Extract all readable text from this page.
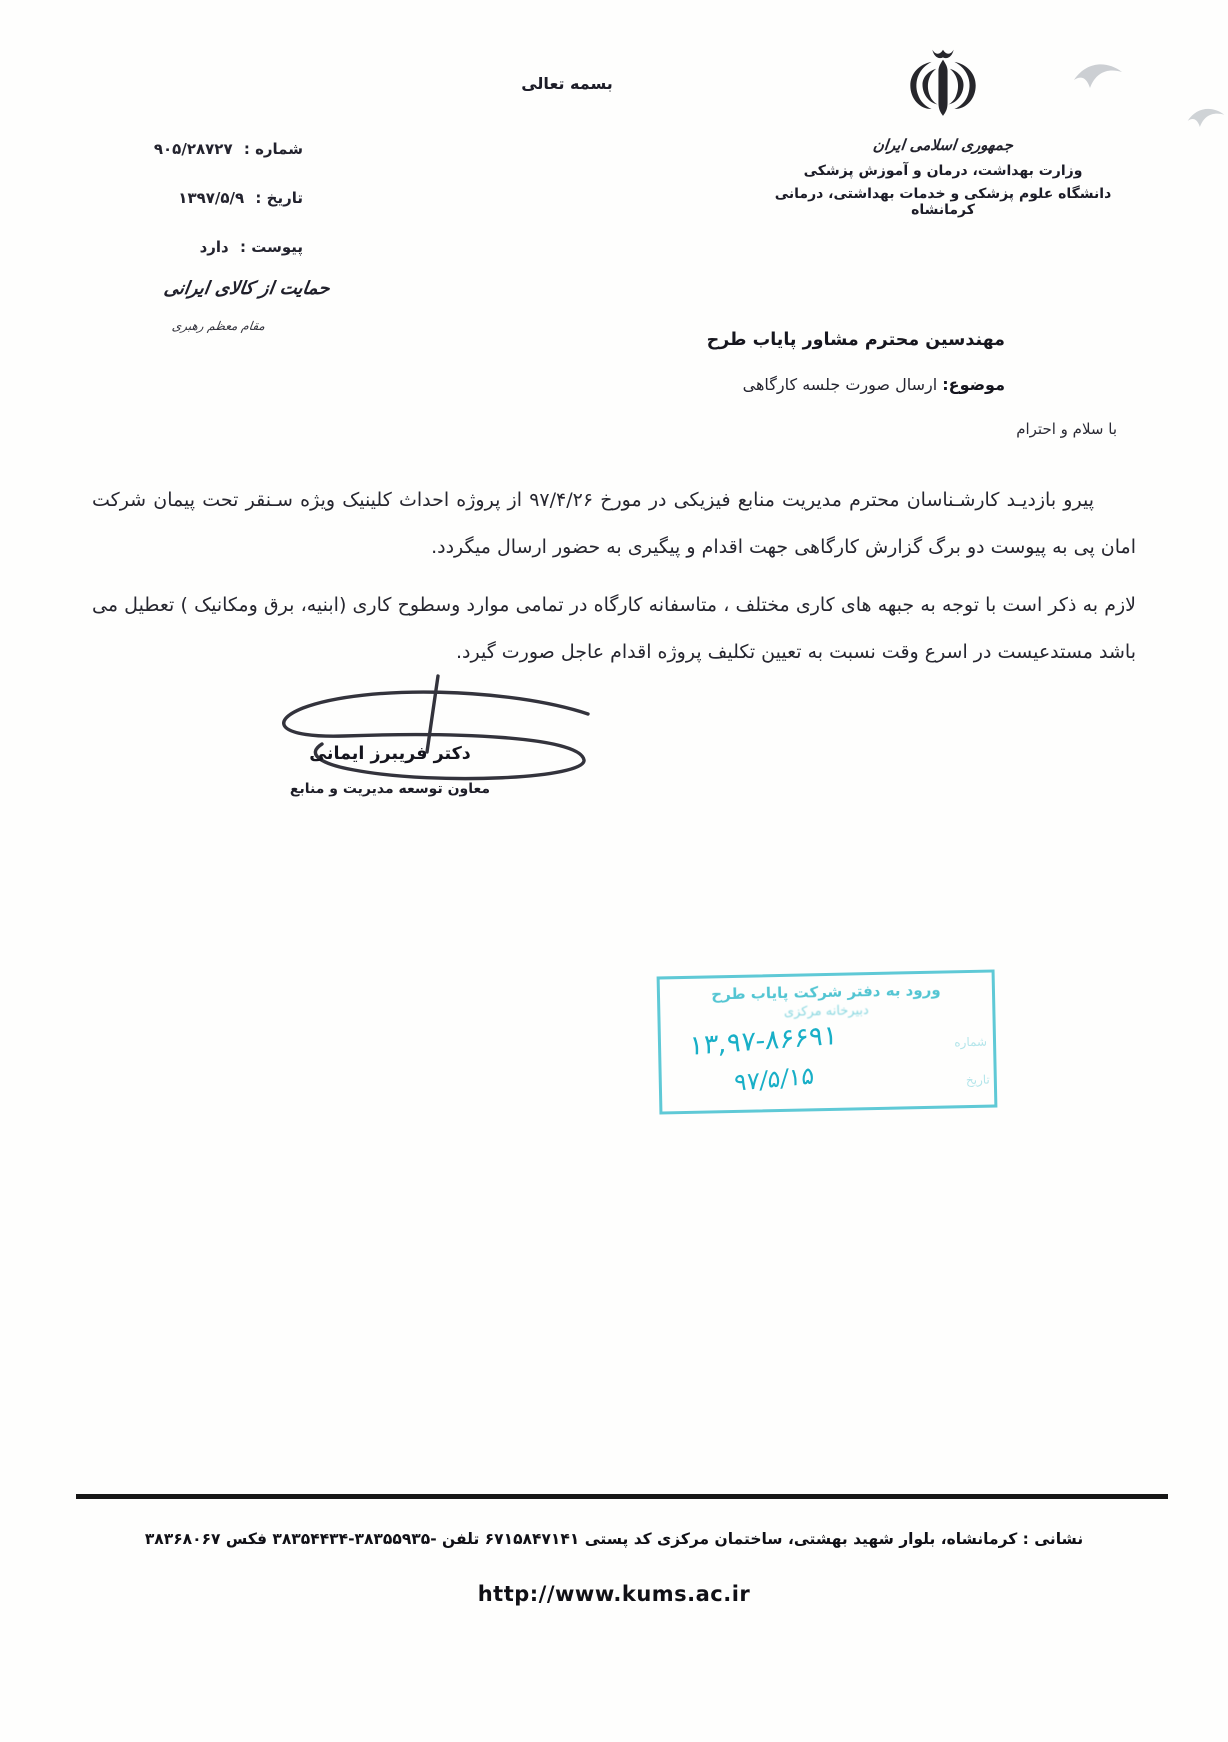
بسمه تعالی
جمهوری اسلامی ایران
وزارت بهداشت، درمان و آموزش پزشکی
دانشگاه علوم پزشکی و خدمات بهداشتی، درمانی کرمانشاه
شماره : ۹۰۵/۲۸۷۲۷
تاریخ : ۱۳۹۷/۵/۹
پیوست : دارد
حمایت از کالای ایرانی
مقام معظم رهبری
مهندسین محترم مشاور پایاب طرح
موضوع: ارسال صورت جلسه کارگاهی
با سلام و احترام
پیرو بازدیـد کارشـناسان محترم مدیریت منابع فیزیکی در مورخ ۹۷/۴/۲۶ از پروژه احداث کلینیک ویژه سـنقر تحت پیمان شرکت امان پی به پیوست دو برگ گزارش کارگاهی جهت اقدام و پیگیری به حضور ارسال میگردد.
لازم به ذکر است با توجه به جبهه های کاری مختلف ، متاسفانه کارگاه در تمامی موارد وسطوح کاری (ابنیه، برق ومکانیک ) تعطیل می باشد مستدعیست در اسرع وقت نسبت به تعیین تکلیف پروژه اقدام عاجل صورت گیرد.
دکتر فریبرز ایمانی
معاون توسعه مدیریت و منابع
ورود به دفتر شرکت پایاب طرح
دبیرخانه مرکزی
شماره
تاریخ
۱۳,۹۷-۸۶۶۹۱
۹۷/۵/۱۵
نشانی : کرمانشاه، بلوار شهید بهشتی، ساختمان مرکزی کد پستی ۶۷۱۵۸۴۷۱۴۱ تلفن -۳۸۳۵۵۹۳۵-۳۸۳۵۴۴۳۴ فکس ۳۸۳۶۸۰۶۷
http://www.kums.ac.ir
